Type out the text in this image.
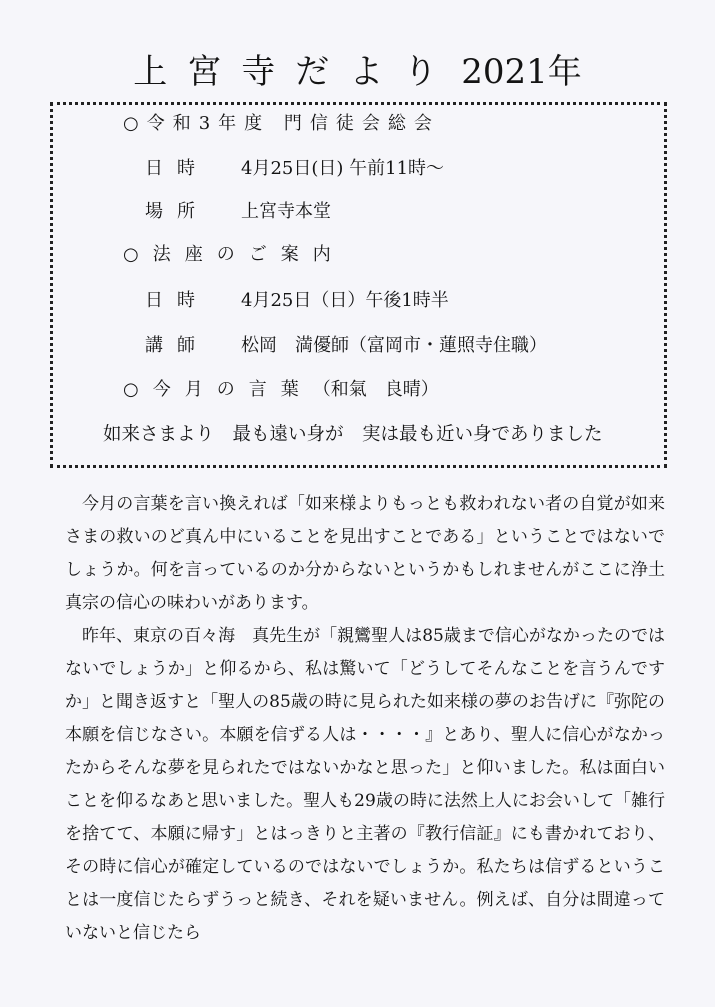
上宮寺だより 2021年
○令和3年度 門信徒会総会
日時 4月25日(日) 午前11時～
場所 上宮寺本堂
○法座のご案内
日時 4月25日（日）午後1時半
講師 松岡　満優師（富岡市・蓮照寺住職）
○今月の言葉（和氣　良晴）
如来さまより　最も遠い身が　実は最も近い身でありました

今月の言葉を言い換えれば「如来様よりもっとも救われない者の自覚が如来さまの救いのど真ん中にいることを見出すことである」ということではないでしょうか。何を言っているのか分からないというかもしれませんがここに浄土真宗の信心の味わいがあります。

昨年、東京の百々海　真先生が「親鸞聖人は85歳まで信心がなかったのではないでしょうか」と仰るから、私は驚いて「どうしてそんなことを言うんですか」と聞き返すと「聖人の85歳の時に見られた如来様の夢のお告げに『弥陀の本願を信じなさい。本願を信ずる人は・・・・』とあり、聖人に信心がなかったからそんな夢を見られたではないかなと思った」と仰いました。私は面白いことを仰るなあと思いました。聖人も29歳の時に法然上人にお会いして「雑行を捨てて、本願に帰す」とはっきりと主著の『教行信証』にも書かれており、その時に信心が確定しているのではないでしょうか。私たちは信ずるということは一度信じたらずうっと続き、それを疑いません。例えば、自分は間違っていないと信じたら
